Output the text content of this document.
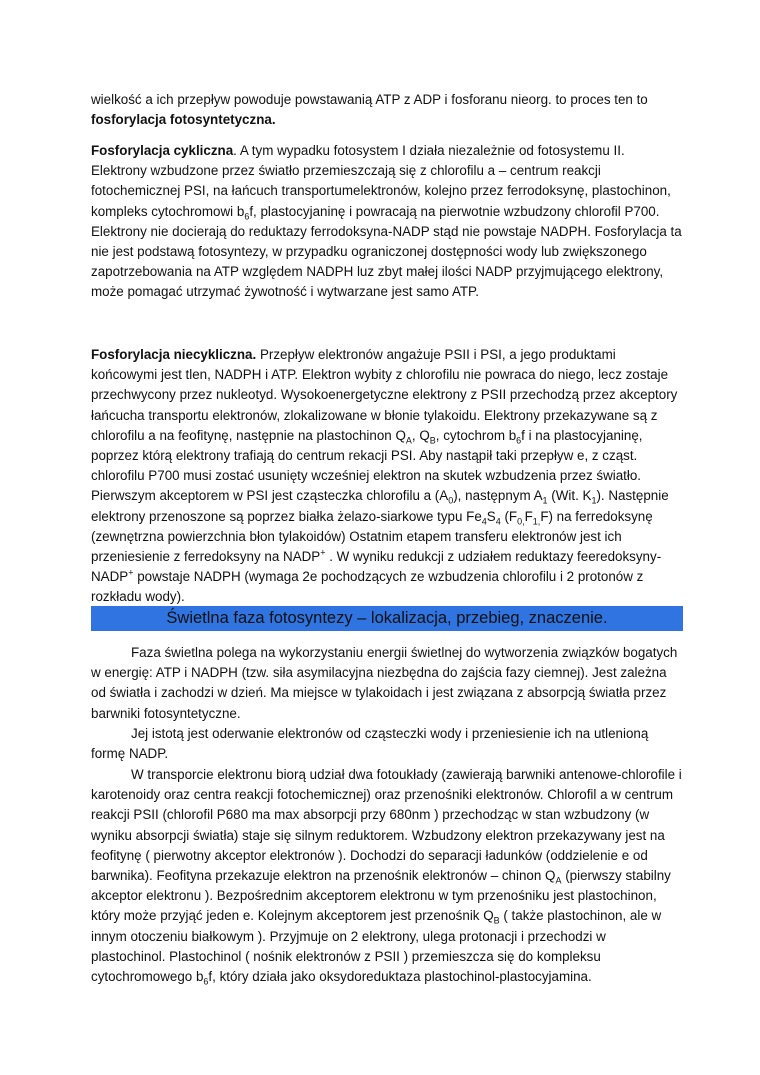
wielkość a ich przepływ powoduje powstawanią ATP z ADP i fosforanu nieorg. to proces ten to
fosforylacja fotosyntetyczna.

Fosforylacja cykliczna. A tym wypadku fotosystem I działa niezależnie od fotosystemu II. Elektrony wzbudzone przez światło przemieszczają się z chlorofilu a – centrum reakcji fotochemicznej PSI, na łańcuch transportumelektronów, kolejno przez ferrodoksynę, plastochinon, kompleks cytochromowi $b_6f$, plastocyjaninę i powracają na pierwotnie wzbudzony chlorofil P700. Elektrony nie docierają do reduktazy ferrodoksyna-NADP stąd nie powstaje NADPH. Fosforylacja ta nie jest podstawą fotosyntezy, w przypadku ograniczonej dostępności wody lub zwiększonego zapotrzebowania na ATP względem NADPH luz zbyt małej ilości NADP przyjmującego elektrony, może pomagać utrzymać żywotność i wytwarzane jest samo ATP.

Fosforylacja niecykliczna. Przepływ elektronów angażuje PSII i PSI, a jego produktami końcowymi jest tlen, NADPH i ATP. Elektron wybity z chlorofilu nie powraca do niego, lecz zostaje przechwycony przez nukleotyd. Wysokoenergetyczne elektrony z PSII przechodzą przez akceptory łańcucha transportu elektronów, zlokalizowane w błonie tylakoidu. Elektrony przekazywane są z chlorofilu a na feofitynę, następnie na plastochinon $Q_A$, $Q_B$, cytochrom $b_6f$ i na plastocyjaninę, poprzez którą elektrony trafiają do centrum rekacji PSI. Aby nastąpił taki przepływ e, z cząst. chlorofilu P700 musi zostać usunięty wcześniej elektron na skutek wzbudzenia przez światło. Pierwszym akceptorem w PSI jest cząsteczka chlorofilu a $(A_0)$, następnym $A_1$ (Wit. $K_1$). Następnie elektrony przenoszone są poprzez białka żelazo-siarkowe typu $Fe_4S_4$ $(F_{0,}F_{1,}F)$ na ferredoksynę (zewnętrzna powierzchnia błon tylakoidów) Ostatnim etapem transferu elektronów jest ich przeniesienie z ferredoksyny na NADP+ . W wyniku redukcji z udziałem reduktazy feeredoksyny-NADP+ powstaje NADPH (wymaga 2e pochodzących ze wzbudzenia chlorofilu i 2 protonów z rozkładu wody).

Świetlna faza fotosyntezy – lokalizacja, przebieg, znaczenie.

Faza świetlna polega na wykorzystaniu energii świetlnej do wytworzenia związków bogatych w energię: ATP i NADPH (tzw. siła asymilacyjna niezbędna do zajścia fazy ciemnej). Jest zależna od światła i zachodzi w dzień. Ma miejsce w tylakoidach i jest związana z absorpcją światła przez barwniki fotosyntetyczne.

Jej istotą jest oderwanie elektronów od cząsteczki wody i przeniesienie ich na utlenioną formę NADP.

W transporcie elektronu biorą udział dwa fotoukłady (zawierają barwniki antenowe-chlorofile i karotenoidy oraz centra reakcji fotochemicznej) oraz przenośniki elektronów. Chlorofil a w centrum reakcji PSII (chlorofil P680 ma max absorpcji przy 680nm ) przechodząc w stan wzbudzony (w wyniku absorpcji światła) staje się silnym reduktorem. Wzbudzony elektron przekazywany jest na feofitynę ( pierwotny akceptor elektronów ). Dochodzi do separacji ładunków (oddzielenie e od barwnika). Feofityna przekazuje elektron na przenośnik elektronów – chinon $Q_A$ (pierwszy stabilny akceptor elektronu ). Bezpośrednim akceptorem elektronu w tym przenośniku jest plastochinon, który może przyjąć jeden e. Kolejnym akceptorem jest przenośnik $Q_B$ ( także plastochinon, ale w innym otoczeniu białkowym ). Przyjmuje on 2 elektrony, ulega protonacji i przechodzi w plastochinol. Plastochinol ( nośnik elektronów z PSII ) przemieszcza się do kompleksu cytochromowego $b_6f$, który działa jako oksydoreduktaza plastochinol-plastocyjamina.
